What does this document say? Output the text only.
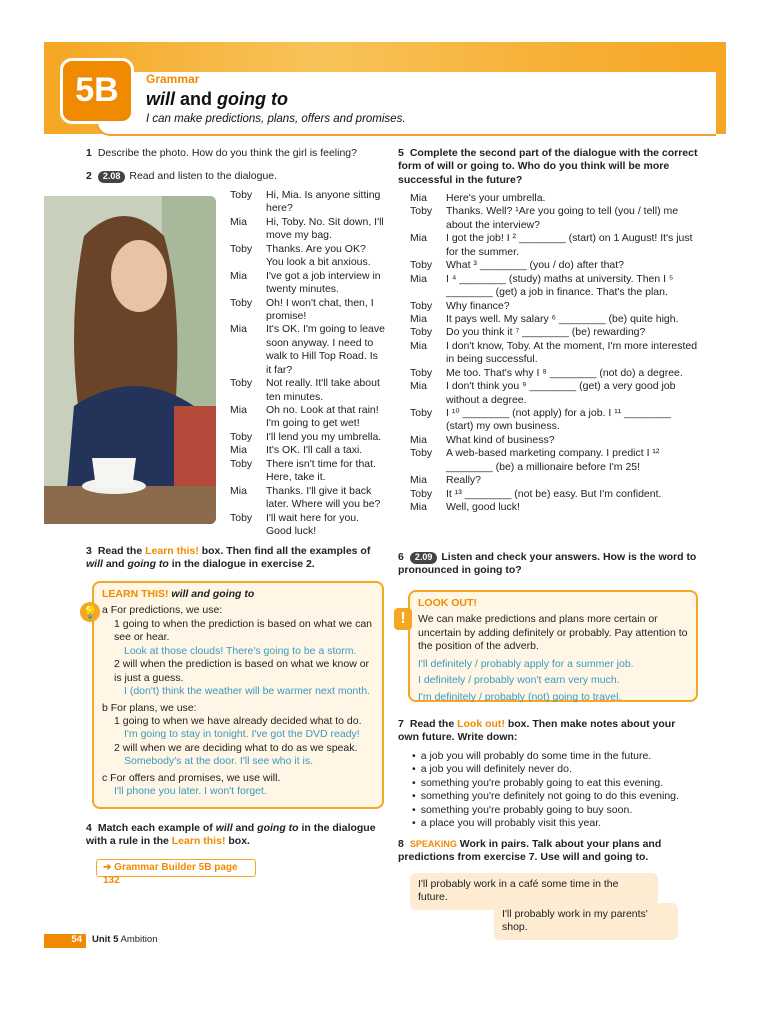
5B	Grammar
will and going to
I can make predictions, plans, offers and promises.
1 Describe the photo. How do you think the girl is feeling?
2 2.08 Read and listen to the dialogue.
Toby	Hi, Mia. Is anyone sitting here?
Mia	Hi, Toby. No. Sit down, I'll move my bag.
Toby	Thanks. Are you OK? You look a bit anxious.
Mia	I've got a job interview in twenty minutes.
Toby	Oh! I won't chat, then, I promise!
Mia	It's OK. I'm going to leave soon anyway. I need to walk to Hill Top Road. Is it far?
Toby	Not really. It'll take about ten minutes.
Mia	Oh no. Look at that rain! I'm going to get wet!
Toby	I'll lend you my umbrella.
Mia	It's OK. I'll call a taxi.
Toby	There isn't time for that. Here, take it.
Mia	Thanks. I'll give it back later. Where will you be?
Toby	I'll wait here for you. Good luck!
3 Read the Learn this! box. Then find all the examples of will and going to in the dialogue in exercise 2.
LEARN THIS! will and going to
a For predictions, we use:
1 going to when the prediction is based on what we can see or hear.
Look at those clouds! There's going to be a storm.
2 will when the prediction is based on what we know or is just a guess.
I (don't) think the weather will be warmer next month.
b For plans, we use:
1 going to when we have already decided what to do.
I'm going to stay in tonight. I've got the DVD ready!
2 will when we are deciding what to do as we speak.
Somebody's at the door. I'll see who it is.
c For offers and promises, we use will.
I'll phone you later. I won't forget.
💡
4 Match each example of will and going to in the dialogue with a rule in the Learn this! box.
➜ Grammar Builder 5B page 132
5 Complete the second part of the dialogue with the correct form of will or going to. Who do you think will be more successful in the future?
Mia	Here's your umbrella.
Toby	Thanks. Well? ¹Are you going to tell (you / tell) me about the interview?
Mia	I got the job! I ² ________ (start) on 1 August! It's just for the summer.
Toby	What ³ ________ (you / do) after that?
Mia	I ⁴ ________ (study) maths at university. Then I ⁵ ________ (get) a job in finance. That's the plan.
Toby	Why finance?
Mia	It pays well. My salary ⁶ ________ (be) quite high.
Toby	Do you think it ⁷ ________ (be) rewarding?
Mia	I don't know, Toby. At the moment, I'm more interested in being successful.
Toby	Me too. That's why I ⁸ ________ (not do) a degree.
Mia	I don't think you ⁹ ________ (get) a very good job without a degree.
Toby	I ¹⁰ ________ (not apply) for a job. I ¹¹ ________ (start) my own business.
Mia	What kind of business?
Toby	A web-based marketing company. I predict I ¹² ________ (be) a millionaire before I'm 25!
Mia	Really?
Toby	It ¹³ ________ (not be) easy. But I'm confident.
Mia	Well, good luck!
6 2.09 Listen and check your answers. How is the word to pronounced in going to?
LOOK OUT!
We can make predictions and plans more certain or uncertain by adding definitely or probably. Pay attention to the position of the adverb.
I'll definitely / probably apply for a summer job.
I definitely / probably won't earn very much.
I'm definitely / probably (not) going to travel.
!
7 Read the Look out! box. Then make notes about your own future. Write down:
• a job you will probably do some time in the future.
• a job you will definitely never do.
• something you're probably going to eat this evening.
• something you're definitely not going to do this evening.
• something you're probably going to buy soon.
• a place you will probably visit this year.
8 SPEAKING Work in pairs. Talk about your plans and predictions from exercise 7. Use will and going to.
I'll probably work in a café some time in the future.
I'll probably work in my parents' shop.
54	Unit 5 Ambition
